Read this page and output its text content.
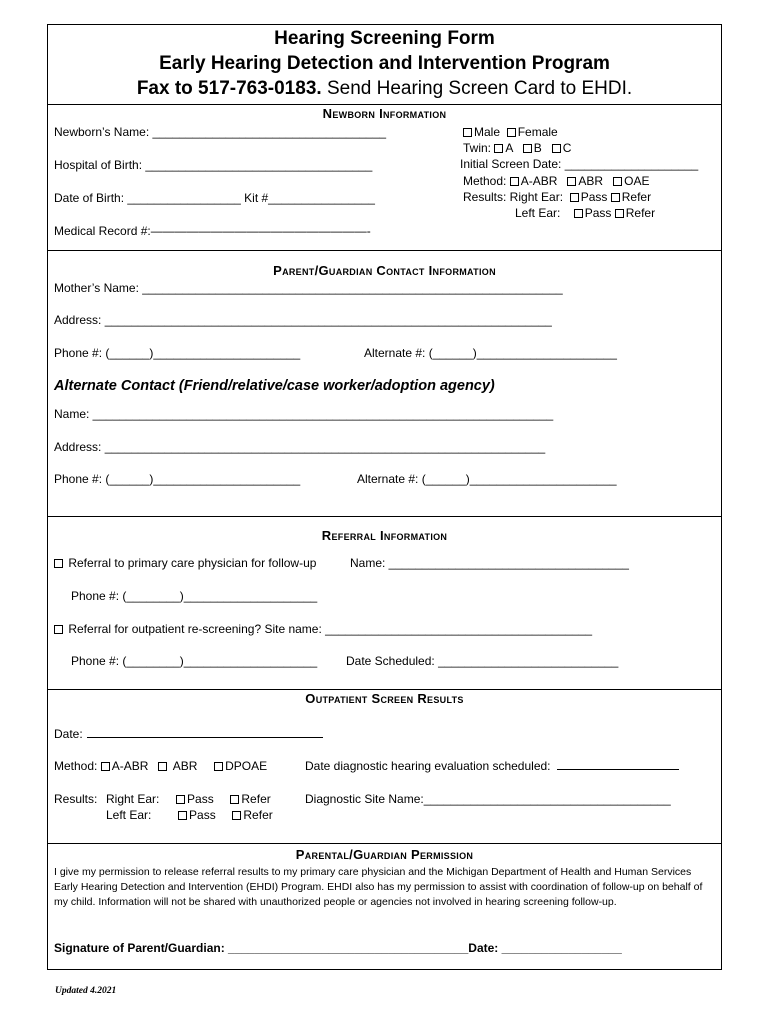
Hearing Screening Form
Early Hearing Detection and Intervention Program
Fax to 517-763-0183. Send Hearing Screen Card to EHDI.
Newborn Information
Newborn’s Name: ___________________________________
Hospital of Birth: __________________________________
Date of Birth: _________________ Kit #________________
Medical Record #:——————————————————-
Male Female
Twin: A B C
Initial Screen Date: ____________________
Method: A-ABR ABR OAE
Results: Right Ear: Pass Refer
Left Ear: Pass Refer
Parent/Guardian Contact Information
Mother’s Name: _______________________________________________________________
Address: ___________________________________________________________________
Phone #: (______)______________________	Alternate #: (______)_____________________
Alternate Contact (Friend/relative/case worker/adoption agency)
Name: _____________________________________________________________________
Address: __________________________________________________________________
Phone #: (______)______________________	Alternate #: (______)______________________
Referral Information
Referral to primary care physician for follow-up	Name: ____________________________________
Phone #: (________)____________________
Referral for outpatient re-screening? Site name: ________________________________________
Phone #: (________)____________________ Date Scheduled: ___________________________
Outpatient Screen Results
Date:
Method: A-ABR ABR DPOAE	Date diagnostic hearing evaluation scheduled:
Results: Right Ear: Pass Refer
Left Ear:	Pass Refer
Diagnostic Site Name:_____________________________________
Parental/Guardian Permission
I give my permission to release referral results to my primary care physician and the Michigan Department of Health and Human Services Early Hearing Detection and Intervention (EHDI) Program. EHDI also has my permission to assist with coordination of follow-up on behalf of my child. Information will not be shared with unauthorized people or agencies not involved in hearing screening follow-up.
Signature of Parent/Guardian: ____________________________________Date: __________________
Updated 4.2021
